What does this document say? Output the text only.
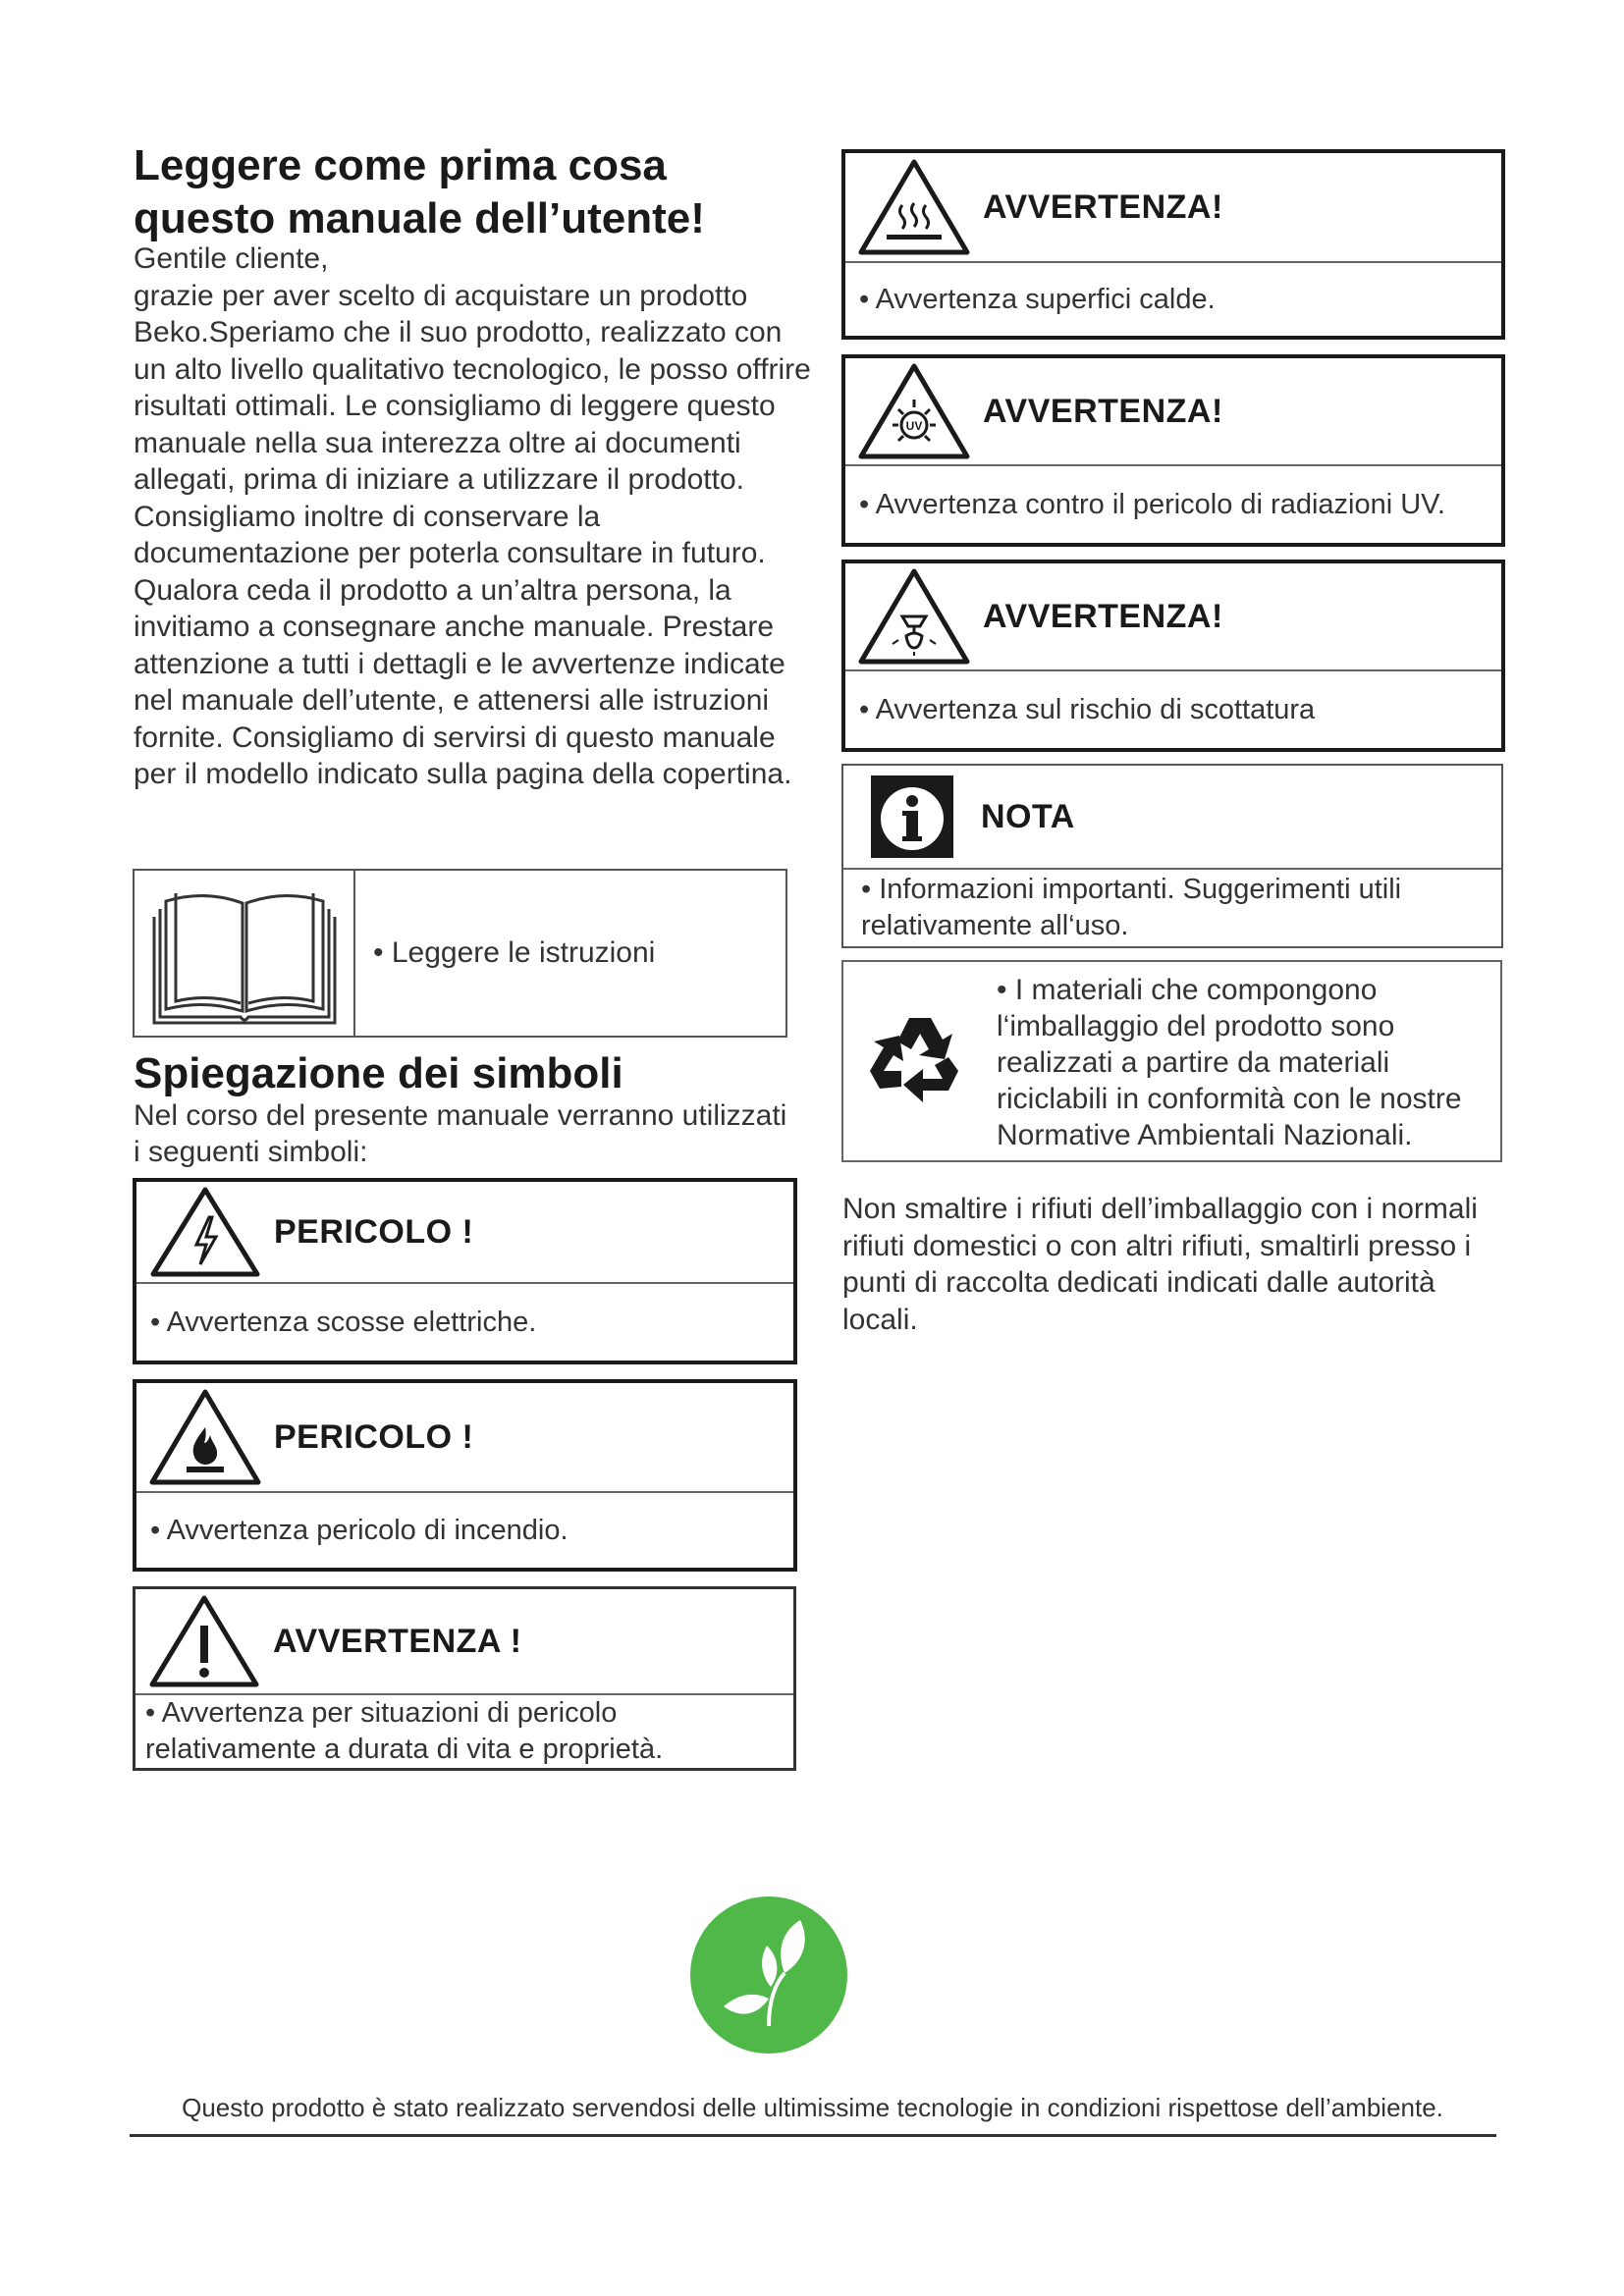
Leggere come prima cosa questo manuale dell’utente!

Gentile cliente,

grazie per aver scelto di acquistare un prodotto Beko.Speriamo che il suo prodotto, realizzato con un alto livello qualitativo tecnologico, le posso offrire risultati ottimali. Le consigliamo di leggere questo manuale nella sua interezza oltre ai documenti allegati, prima di iniziare a utilizzare il prodotto. Consigliamo inoltre di conservare la documentazione per poterla consultare in futuro. Qualora ceda il prodotto a un’altra persona, la invitiamo a consegnare anche manuale. Prestare attenzione a tutti i dettagli e le avvertenze indicate nel manuale dell’utente, e attenersi alle istruzioni fornite. Consigliamo di servirsi di questo manuale per il modello indicato sulla pagina della copertina.

• Leggere le istruzioni
Spiegazione dei simboli

Nel corso del presente manuale verranno utilizzati i seguenti simboli:

PERICOLO !
• Avvertenza scosse elettriche.
PERICOLO !
• Avvertenza pericolo di incendio.
AVVERTENZA !
• Avvertenza per situazioni di pericolo relativamente a durata di vita e proprietà.
AVVERTENZA!
• Avvertenza superfici calde.
UV AVVERTENZA!
• Avvertenza contro il pericolo di radiazioni UV.
AVVERTENZA!
• Avvertenza sul rischio di scottatura
NOTA
• Informazioni importanti. Suggerimenti utili relativamente all‘uso.
• I materiali che compongono l‘imballaggio del prodotto sono realizzati a partire da materiali riciclabili in conformità con le nostre Normative Ambientali Nazionali.

Non smaltire i rifiuti dell’imballaggio con i normali rifiuti domestici o con altri rifiuti, smaltirli presso i punti di raccolta dedicati indicati dalle autorità locali.

Questo prodotto è stato realizzato servendosi delle ultimissime tecnologie in condizioni rispettose dell’ambiente.
